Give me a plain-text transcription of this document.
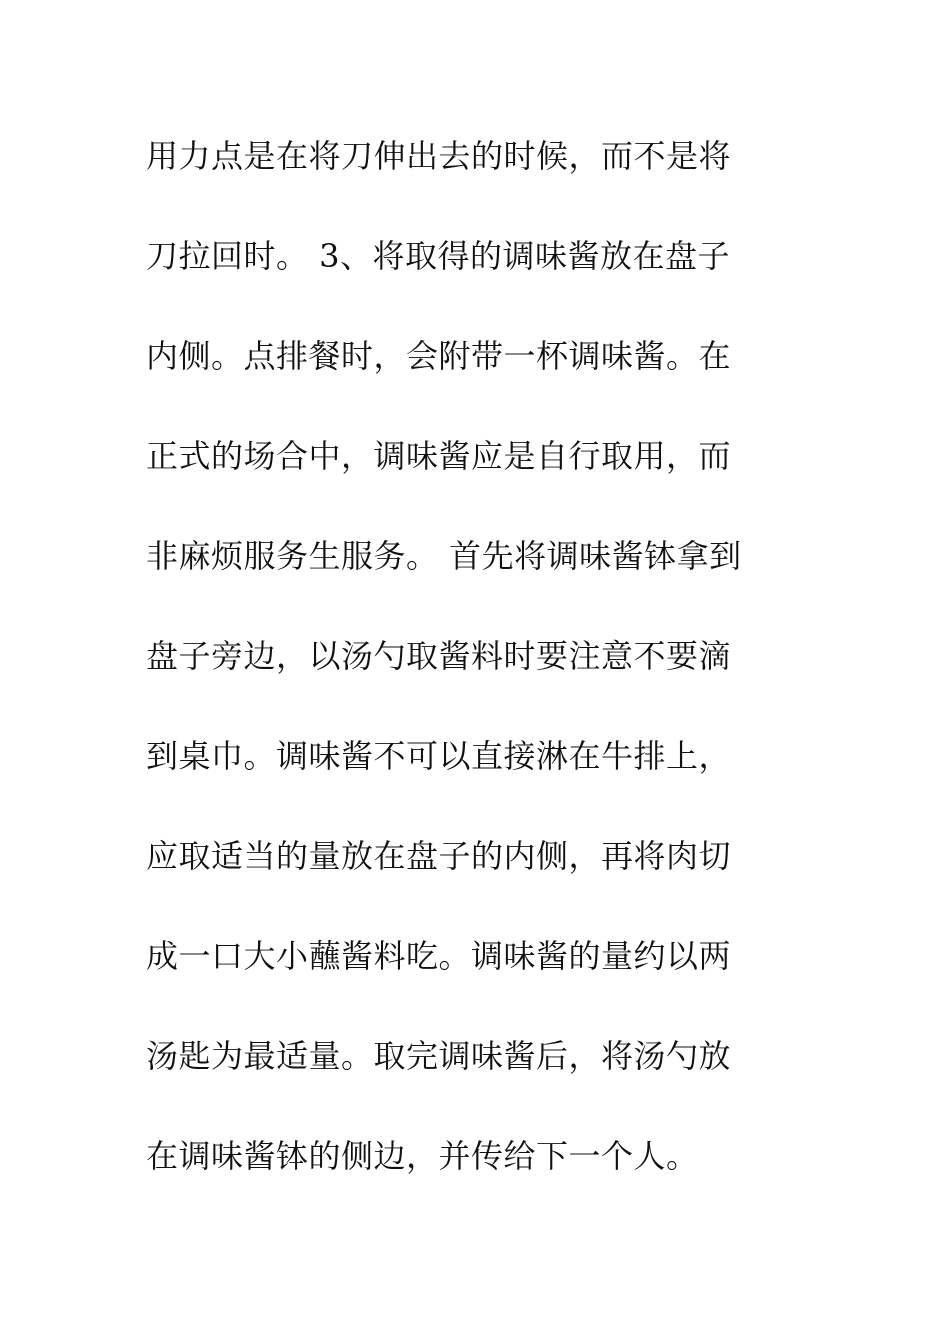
用力点是在将刀伸出去的时候，而不是将
刀拉回时。 3、将取得的调味酱放在盘子
内侧。点排餐时，会附带一杯调味酱。在
正式的场合中，调味酱应是自行取用，而
非麻烦服务生服务。 首先将调味酱钵拿到
盘子旁边，以汤勺取酱料时要注意不要滴
到桌巾。调味酱不可以直接淋在牛排上，
应取适当的量放在盘子的内侧，再将肉切
成一口大小蘸酱料吃。调味酱的量约以两
汤匙为最适量。取完调味酱后，将汤勺放
在调味酱钵的侧边，并传给下一个人。
